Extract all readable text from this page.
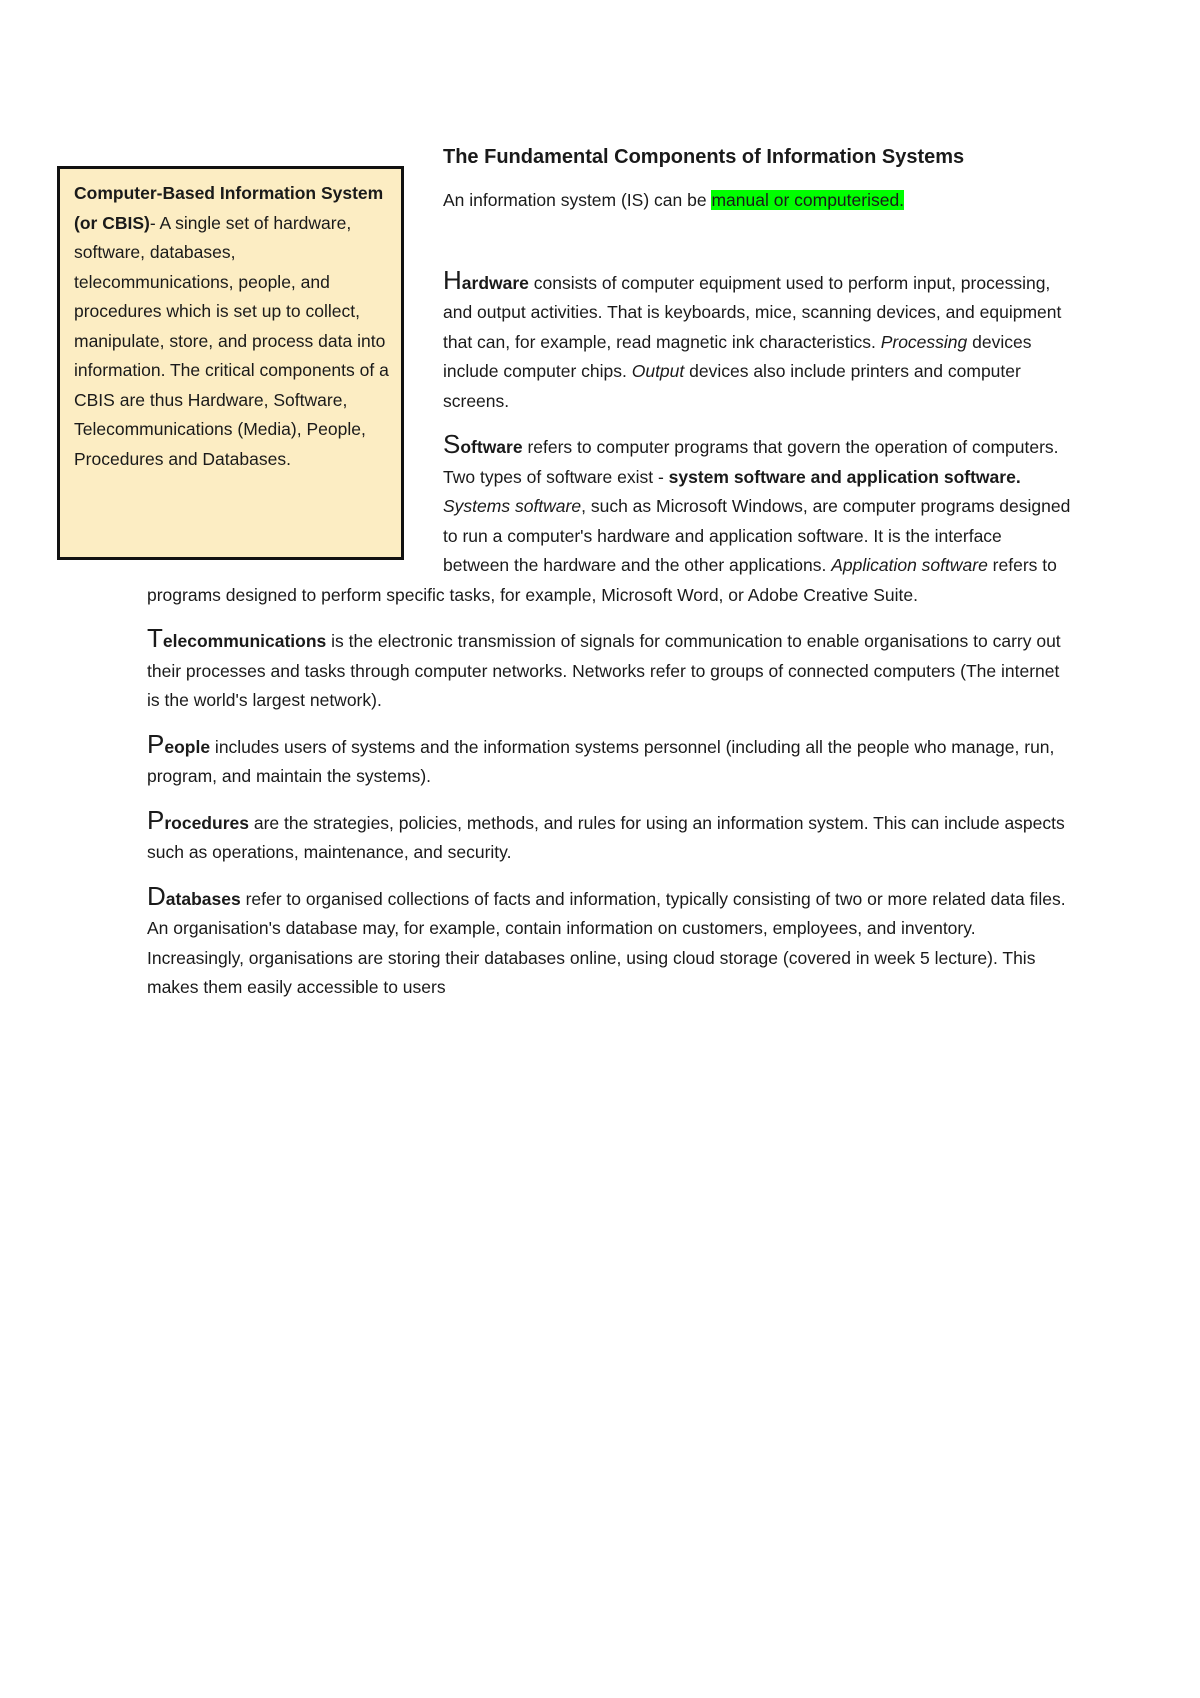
Computer-Based Information System (or CBIS)- A single set of hardware, software, databases, telecommunications, people, and procedures which is set up to collect, manipulate, store, and process data into information. The critical components of a CBIS are thus Hardware, Software, Telecommunications (Media), People, Procedures and Databases.
The Fundamental Components of Information Systems

An information system (IS) can be manual or computerised.

Hardware consists of computer equipment used to perform input, processing, and output activities. That is keyboards, mice, scanning devices, and equipment that can, for example, read magnetic ink characteristics. Processing devices include computer chips. Output devices also include printers and computer screens.

Software refers to computer programs that govern the operation of computers. Two types of software exist - system software and application software. Systems software, such as Microsoft Windows, are computer programs designed to run a computer's hardware and application software. It is the interface between the hardware and the other applications. Application software refers to programs designed to perform specific tasks, for example, Microsoft Word, or Adobe Creative Suite.

Telecommunications is the electronic transmission of signals for communication to enable organisations to carry out their processes and tasks through computer networks. Networks refer to groups of connected computers (The internet is the world's largest network).

People includes users of systems and the information systems personnel (including all the people who manage, run, program, and maintain the systems).

Procedures are the strategies, policies, methods, and rules for using an information system. This can include aspects such as operations, maintenance, and security.

Databases refer to organised collections of facts and information, typically consisting of two or more related data files. An organisation's database may, for example, contain information on customers, employees, and inventory. Increasingly, organisations are storing their databases online, using cloud storage (covered in week 5 lecture). This makes them easily accessible to users
